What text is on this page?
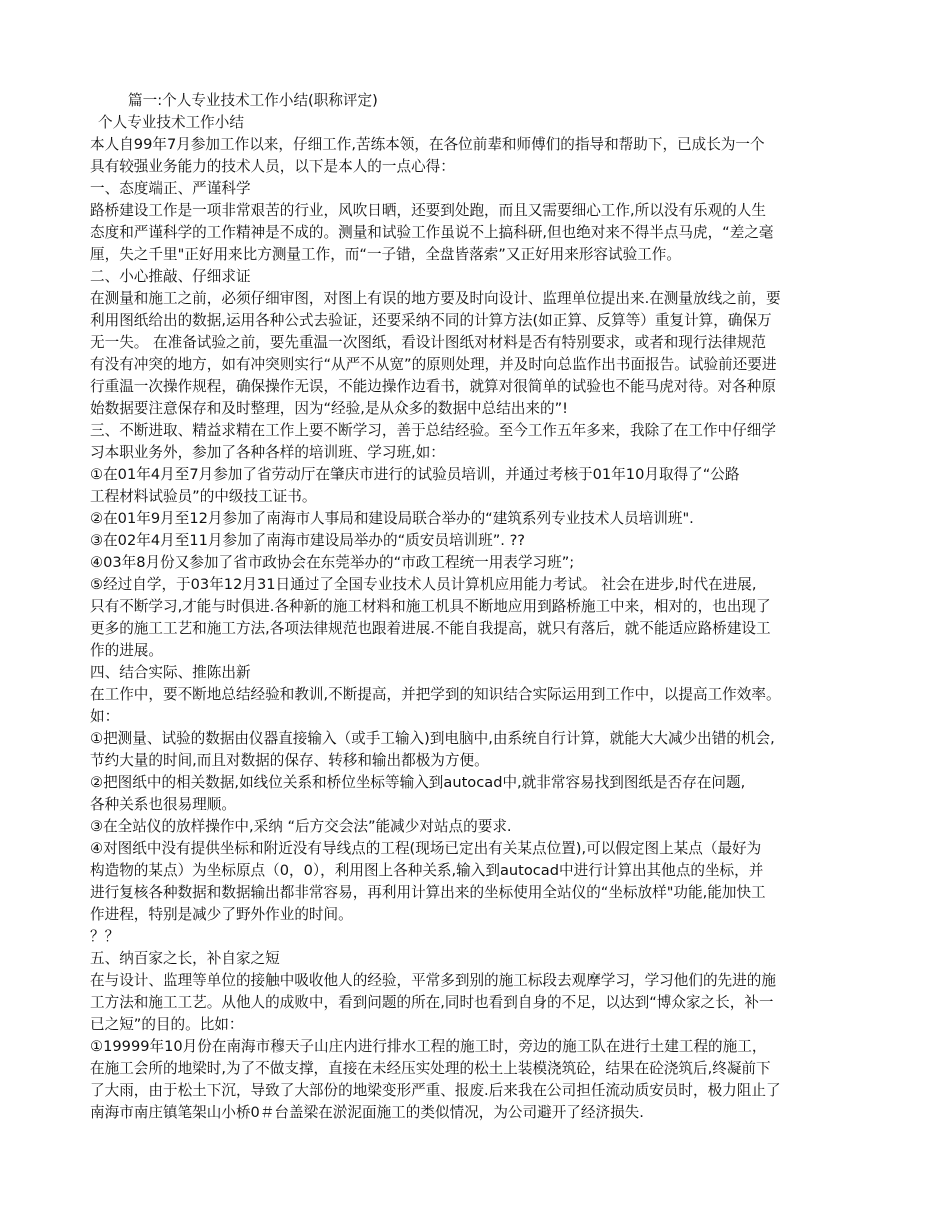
篇一:个人专业技术工作小结(职称评定)
个人专业技术工作小结
本人自99年7月参加工作以来，仔细工作,苦练本领，在各位前辈和师傅们的指导和帮助下，已成长为一个
具有较强业务能力的技术人员，以下是本人的一点心得：
一、态度端正、严谨科学
路桥建设工作是一项非常艰苦的行业，风吹日晒，还要到处跑，而且又需要细心工作,所以没有乐观的人生
态度和严谨科学的工作精神是不成的。测量和试验工作虽说不上搞科研,但也绝对来不得半点马虎，“差之毫
厘，失之千里"正好用来比方测量工作，而“一子错，全盘皆落索”又正好用来形容试验工作。
二、小心推敲、仔细求证
在测量和施工之前，必须仔细审图，对图上有误的地方要及时向设计、监理单位提出来.在测量放线之前，要
利用图纸给出的数据,运用各种公式去验证，还要采纳不同的计算方法(如正算、反算等）重复计算，确保万
无一失。 在准备试验之前，要先重温一次图纸，看设计图纸对材料是否有特别要求，或者和现行法律规范
有没有冲突的地方，如有冲突则实行“从严不从宽”的原则处理，并及时向总监作出书面报告。试验前还要进
行重温一次操作规程，确保操作无误，不能边操作边看书，就算对很简单的试验也不能马虎对待。对各种原
始数据要注意保存和及时整理，因为“经验,是从众多的数据中总结出来的”!
三、不断进取、精益求精在工作上要不断学习，善于总结经验。至今工作五年多来，我除了在工作中仔细学
习本职业务外，参加了各种各样的培训班、学习班,如：
①在01年4月至7月参加了省劳动厅在肇庆市进行的试验员培训，并通过考核于01年10月取得了“公路
工程材料试验员”的中级技工证书。
②在01年9月至12月参加了南海市人事局和建设局联合举办的“建筑系列专业技术人员培训班".
③在02年4月至11月参加了南海市建设局举办的“质安员培训班”. ??
④03年8月份又参加了省市政协会在东莞举办的“市政工程统一用表学习班”;
⑤经过自学，于03年12月31日通过了全国专业技术人员计算机应用能力考试。 社会在进步,时代在进展,
只有不断学习,才能与时俱进.各种新的施工材料和施工机具不断地应用到路桥施工中来，相对的，也出现了
更多的施工工艺和施工方法,各项法律规范也跟着进展.不能自我提高，就只有落后，就不能适应路桥建设工
作的进展。
四、结合实际、推陈出新
在工作中，要不断地总结经验和教训,不断提高，并把学到的知识结合实际运用到工作中，以提高工作效率。
如：
①把测量、试验的数据由仪器直接输入（或手工输入)到电脑中,由系统自行计算，就能大大减少出错的机会,
节约大量的时间,而且对数据的保存、转移和输出都极为方便。
②把图纸中的相关数据,如线位关系和桥位坐标等输入到autocad中,就非常容易找到图纸是否存在问题,
各种关系也很易理顺。
③在全站仪的放样操作中,采纳 “后方交会法”能减少对站点的要求.
④对图纸中没有提供坐标和附近没有导线点的工程(现场已定出有关某点位置),可以假定图上某点（最好为
构造物的某点）为坐标原点（0，0），利用图上各种关系,输入到autocad中进行计算出其他点的坐标，并
进行复核各种数据和数据输出都非常容易，再利用计算出来的坐标使用全站仪的“坐标放样"功能,能加快工
作进程，特别是减少了野外作业的时间。
？？
五、纳百家之长，补自家之短
在与设计、监理等单位的接触中吸收他人的经验，平常多到别的施工标段去观摩学习，学习他们的先进的施
工方法和施工工艺。从他人的成败中，看到问题的所在,同时也看到自身的不足，以达到“博众家之长，补一
已之短”的目的。比如：
①19999年10月份在南海市穆天子山庄内进行排水工程的施工时，旁边的施工队在进行土建工程的施工，
在施工会所的地梁时,为了不做支撑，直接在未经压实处理的松土上装模浇筑砼，结果在砼浇筑后,终凝前下
了大雨，由于松土下沉，导致了大部份的地梁变形严重、报废.后来我在公司担任流动质安员时，极力阻止了
南海市南庄镇笔架山小桥0＃台盖梁在淤泥面施工的类似情况，为公司避开了经济损失.
